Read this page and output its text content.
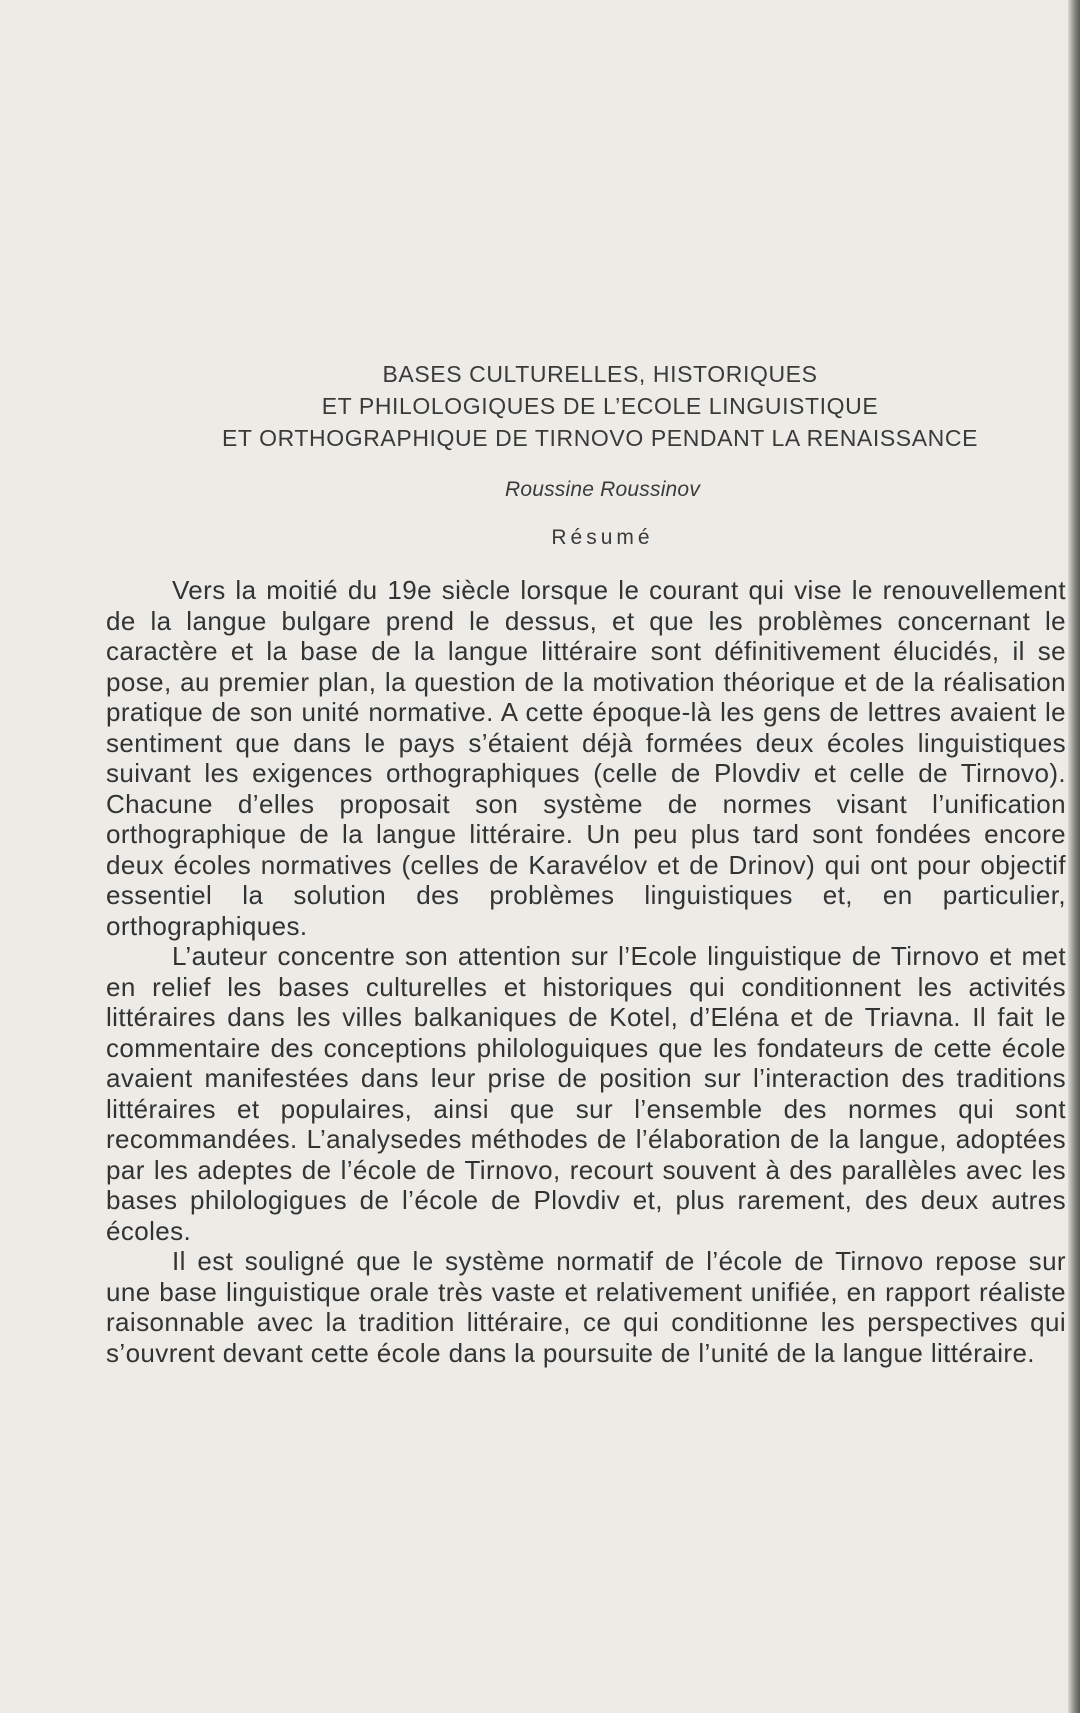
BASES CULTURELLES, HISTORIQUES
ET PHILOLOGIQUES DE L’ECOLE LINGUISTIQUE
ET ORTHOGRAPHIQUE DE TIRNOVO PENDANT LA RENAISSANCE
Roussine Roussinov
Résumé

Vers la moitié du 19e siècle lorsque le courant qui vise le renouvellement de la langue bulgare prend le dessus, et que les problèmes concernant le caractère et la base de la langue littéraire sont définitivement élucidés, il se pose, au premier plan, la question de la motivation théorique et de la réalisation pratique de son unité normative. A cette époque-là les gens de lettres avaient le sentiment que dans le pays s’étaient déjà formées deux écoles linguistiques suivant les exigences orthographiques (celle de Plovdiv et celle de Tirnovo). Chacune d’elles proposait son système de normes visant l’unification orthographique de la langue littéraire. Un peu plus tard sont fondées encore deux écoles normatives (celles de Karavélov et de Drinov) qui ont pour objectif essentiel la solution des problèmes linguistiques et, en particulier, orthographiques.

L’auteur concentre son attention sur l’Ecole linguistique de Tirnovo et met en relief les bases culturelles et historiques qui conditionnent les activités littéraires dans les villes balkaniques de Kotel, d’Eléna et de Triavna. Il fait le commentaire des conceptions philologuiques que les fondateurs de cette école avaient manifestées dans leur prise de position sur l’interaction des traditions littéraires et populaires, ainsi que sur l’ensemble des normes qui sont recommandées. L’analysedes méthodes de l’élaboration de la langue, adoptées par les adeptes de l’école de Tirnovo, recourt souvent à des parallèles avec les bases philologigues de l’école de Plovdiv et, plus rarement, des deux autres écoles.

Il est souligné que le système normatif de l’école de Tirnovo repose sur une base linguistique orale très vaste et relativement unifiée, en rapport réaliste raisonnable avec la tradition littéraire, ce qui conditionne les perspectives qui s’ouvrent devant cette école dans la poursuite de l’unité de la langue littéraire.
